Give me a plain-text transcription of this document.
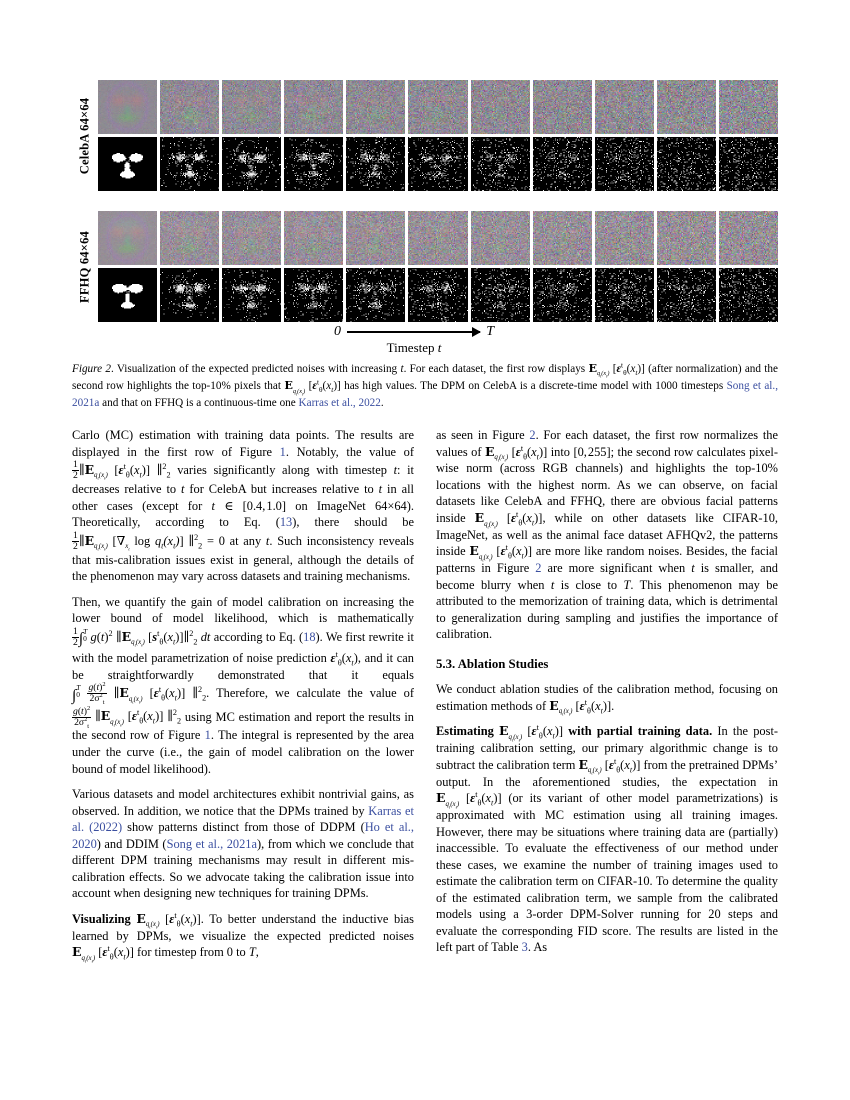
CelebA 64×64
FFHQ 64×64
0	T
Timestep t
Figure 2. Visualization of the expected predicted noises with increasing t. For each dataset, the first row displays $E_{q_t(x_t)}$ $[\varepsilon^t_\theta(x_t)]$ (after normalization) and the second row highlights the top-10% pixels that $E_{q_t(x_t)}$ $[\varepsilon^t_\theta(x_t)]$ has high values. The DPM on CelebA is a discrete-time model with 1000 timesteps Song et al., 2021a and that on FFHQ is a continuous-time one Karras et al., 2022.

Carlo (MC) estimation with training data points. The results are displayed in the first row of Figure 1. Notably, the value of
$\frac{1}{2}$ $\parallel E_{q_t(x_t)}$ $[\varepsilon^t_\theta(x_t)]$ ∥$^2_2$ varies significantly along with timestep t: it decreases relative to t for CelebA but increases relative to t in all other cases (except for t ∈ [0.4, 1.0] on ImageNet 64×64). Theoretically, according to Eq. (13), there should be
$\frac{1}{2}$ $\parallel E_{q_t(x_t)}$ [$\nabla_{x_t}$ $\log q_t(x_t)$] ∥$^2_2$ = 0 at any t. Such inconsistency reveals that mis-calibration issues exist in general, although the details of the phenomenon may vary across datasets and training mechanisms.

Then, we quantify the gain of model calibration on increasing the lower bound of model likelihood, which is mathematically
$\frac{1}{2}$ ∫ T
0 $g(t)^2$ $\parallel E_{q_t(x_t)}$ $[s^t_\theta(x_t)]\parallel^2_2$ dt according to Eq. (18). We first rewrite it with the model parametrization of noise prediction $\varepsilon^t_\theta(x_t)$, and it can be straightforwardly demonstrated that it equals ∫ T
0
$\frac{g(t)^2}{2\sigma^2_t}$ $\parallel E_{q_t(x_t)}$ $[\varepsilon^t_\theta(x_t)]$ ∥$^2_2$. Therefore, we calculate the value of
$\frac{g(t)^2}{2\sigma^2_t}$ $\parallel E_{q_t(x_t)}$ $[\varepsilon^t_\theta(x_t)]$ ∥$^2_2$ using MC estimation and report the results in the second row of Figure 1. The integral is represented by the area under the curve (i.e., the gain of model calibration on the lower bound of model likelihood).

Various datasets and model architectures exhibit nontrivial gains, as observed. In addition, we notice that the DPMs trained by Karras et al. (2022) show patterns distinct from those of DDPM (Ho et al., 2020) and DDIM (Song et al., 2021a), from which we conclude that different DPM training mechanisms may result in different mis-calibration effects. So we advocate taking the calibration issue into account when designing new techniques for training DPMs.

Visualizing $E_{q_t(x_t)}$ $[\varepsilon^t_\theta(x_t)]$. To better understand the inductive bias learned by DPMs, we visualize the expected predicted noises $E_{q_t(x_t)}$ $[\varepsilon^t_\theta(x_t)]$ for timestep from 0 to T,

as seen in Figure 2. For each dataset, the first row normalizes the values of $E_{q_t(x_t)}$ $[\varepsilon^t_\theta(x_t)]$ into [0, 255]; the second row calculates pixel-wise norm (across RGB channels) and highlights the top-10% locations with the highest norm. As we can observe, on facial datasets like CelebA and FFHQ, there are obvious facial patterns inside $E_{q_t(x_t)}$ $[\varepsilon^t_\theta(x_t)]$, while on other datasets like CIFAR-10, ImageNet, as well as the animal face dataset AFHQv2, the patterns inside $E_{q_t(x_t)}$ $[\varepsilon^t_\theta(x_t)]$ are more like random noises. Besides, the facial patterns in Figure 2 are more significant when t is smaller, and become blurry when t is close to T. This phenomenon may be attributed to the memorization of training data, which is detrimental to generalization during sampling and justifies the importance of calibration.

5.3. Ablation Studies

We conduct ablation studies of the calibration method, focusing on estimation methods of $E_{q_t(x_t)}$ $[\varepsilon^t_\theta(x_t)]$.

Estimating $E_{q_t(x_t)}$ $[\varepsilon^t_\theta(x_t)]$ with partial training data. In the post-training calibration setting, our primary algorithmic change is to subtract the calibration term $E_{q_t(x_t)}$ $[\varepsilon^t_\theta(x_t)]$ from the pretrained DPMs’ output. In the aforementioned studies, the expectation in $E_{q_t(x_t)}$ $[\varepsilon^t_\theta(x_t)]$ (or its variant of other model parametrizations) is approximated with MC estimation using all training images. However, there may be situations where training data are (partially) inaccessible. To evaluate the effectiveness of our method under these cases, we examine the number of training images used to estimate the calibration term on CIFAR-10. To determine the quality of the estimated calibration term, we sample from the calibrated models using a 3-order DPM-Solver running for 20 steps and evaluate the corresponding FID score. The results are listed in the left part of Table 3. As
